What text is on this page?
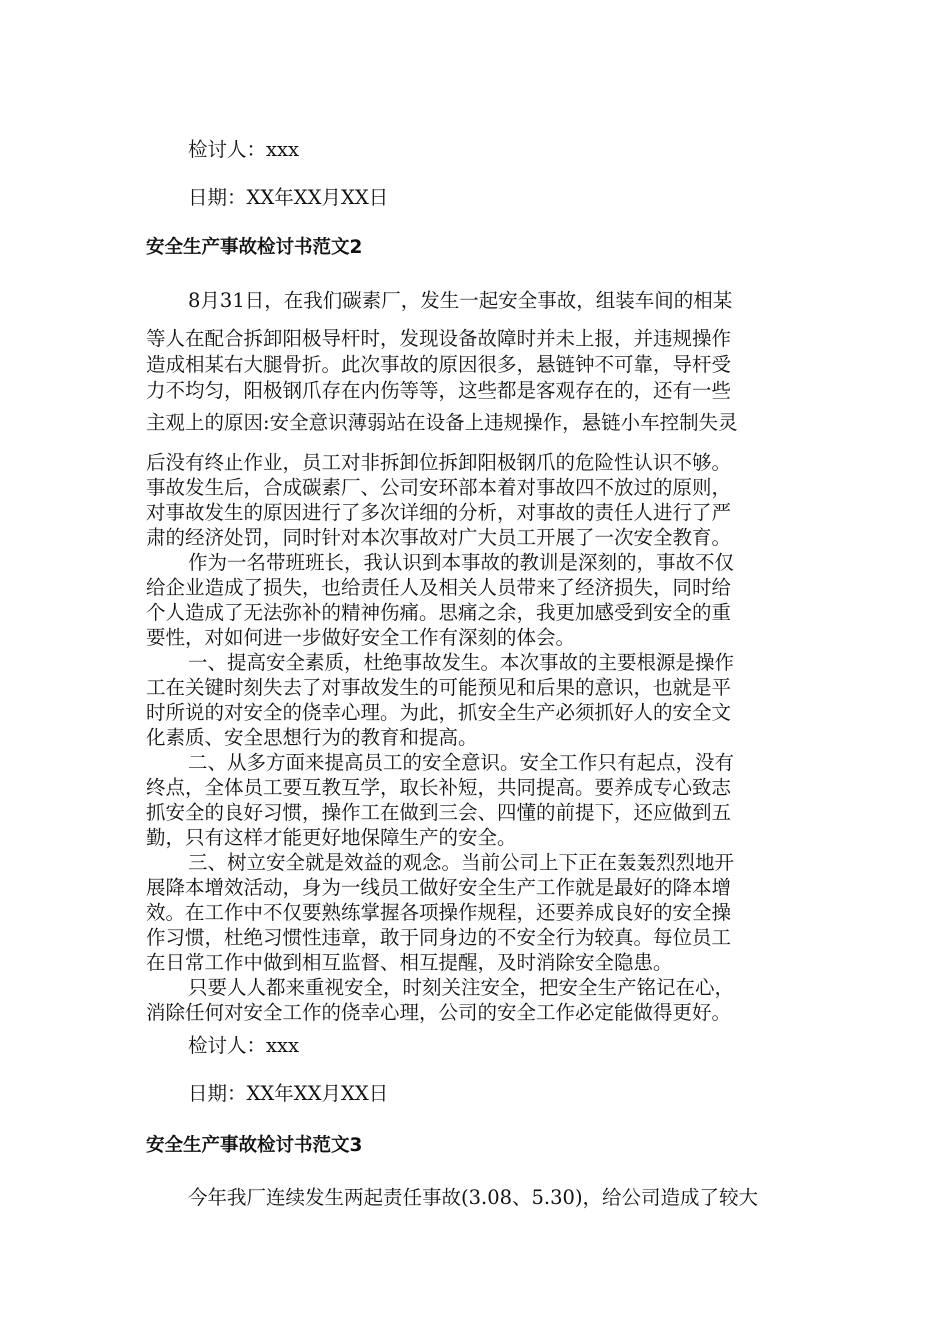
检讨人：xxx
日期：XX年XX月XX日
安全生产事故检讨书范文2
8月31日，在我们碳素厂，发生一起安全事故，组装车间的相某
等人在配合拆卸阳极导杆时，发现设备故障时并未上报，并违规操作
造成相某右大腿骨折。此次事故的原因很多，悬链钟不可靠，导杆受
力不均匀，阳极钢爪存在内伤等等，这些都是客观存在的，还有一些
主观上的原因:安全意识薄弱站在设备上违规操作，悬链小车控制失灵
后没有终止作业，员工对非拆卸位拆卸阳极钢爪的危险性认识不够。
事故发生后，合成碳素厂、公司安环部本着对事故四不放过的原则，
对事故发生的原因进行了多次详细的分析，对事故的责任人进行了严
肃的经济处罚，同时针对本次事故对广大员工开展了一次安全教育。
作为一名带班班长，我认识到本事故的教训是深刻的，事故不仅
给企业造成了损失，也给责任人及相关人员带来了经济损失，同时给
个人造成了无法弥补的精神伤痛。思痛之余，我更加感受到安全的重
要性，对如何进一步做好安全工作有深刻的体会。
一、提高安全素质，杜绝事故发生。本次事故的主要根源是操作
工在关键时刻失去了对事故发生的可能预见和后果的意识，也就是平
时所说的对安全的侥幸心理。为此，抓安全生产必须抓好人的安全文
化素质、安全思想行为的教育和提高。
二、从多方面来提高员工的安全意识。安全工作只有起点，没有
终点，全体员工要互教互学，取长补短，共同提高。要养成专心致志
抓安全的良好习惯，操作工在做到三会、四懂的前提下，还应做到五
勤，只有这样才能更好地保障生产的安全。
三、树立安全就是效益的观念。当前公司上下正在轰轰烈烈地开
展降本增效活动，身为一线员工做好安全生产工作就是最好的降本增
效。在工作中不仅要熟练掌握各项操作规程，还要养成良好的安全操
作习惯，杜绝习惯性违章，敢于同身边的不安全行为较真。每位员工
在日常工作中做到相互监督、相互提醒，及时消除安全隐患。
只要人人都来重视安全，时刻关注安全，把安全生产铭记在心，
消除任何对安全工作的侥幸心理，公司的安全工作必定能做得更好。
检讨人：xxx
日期：XX年XX月XX日
安全生产事故检讨书范文3
今年我厂连续发生两起责任事故(3.08、5.30)，给公司造成了较大
